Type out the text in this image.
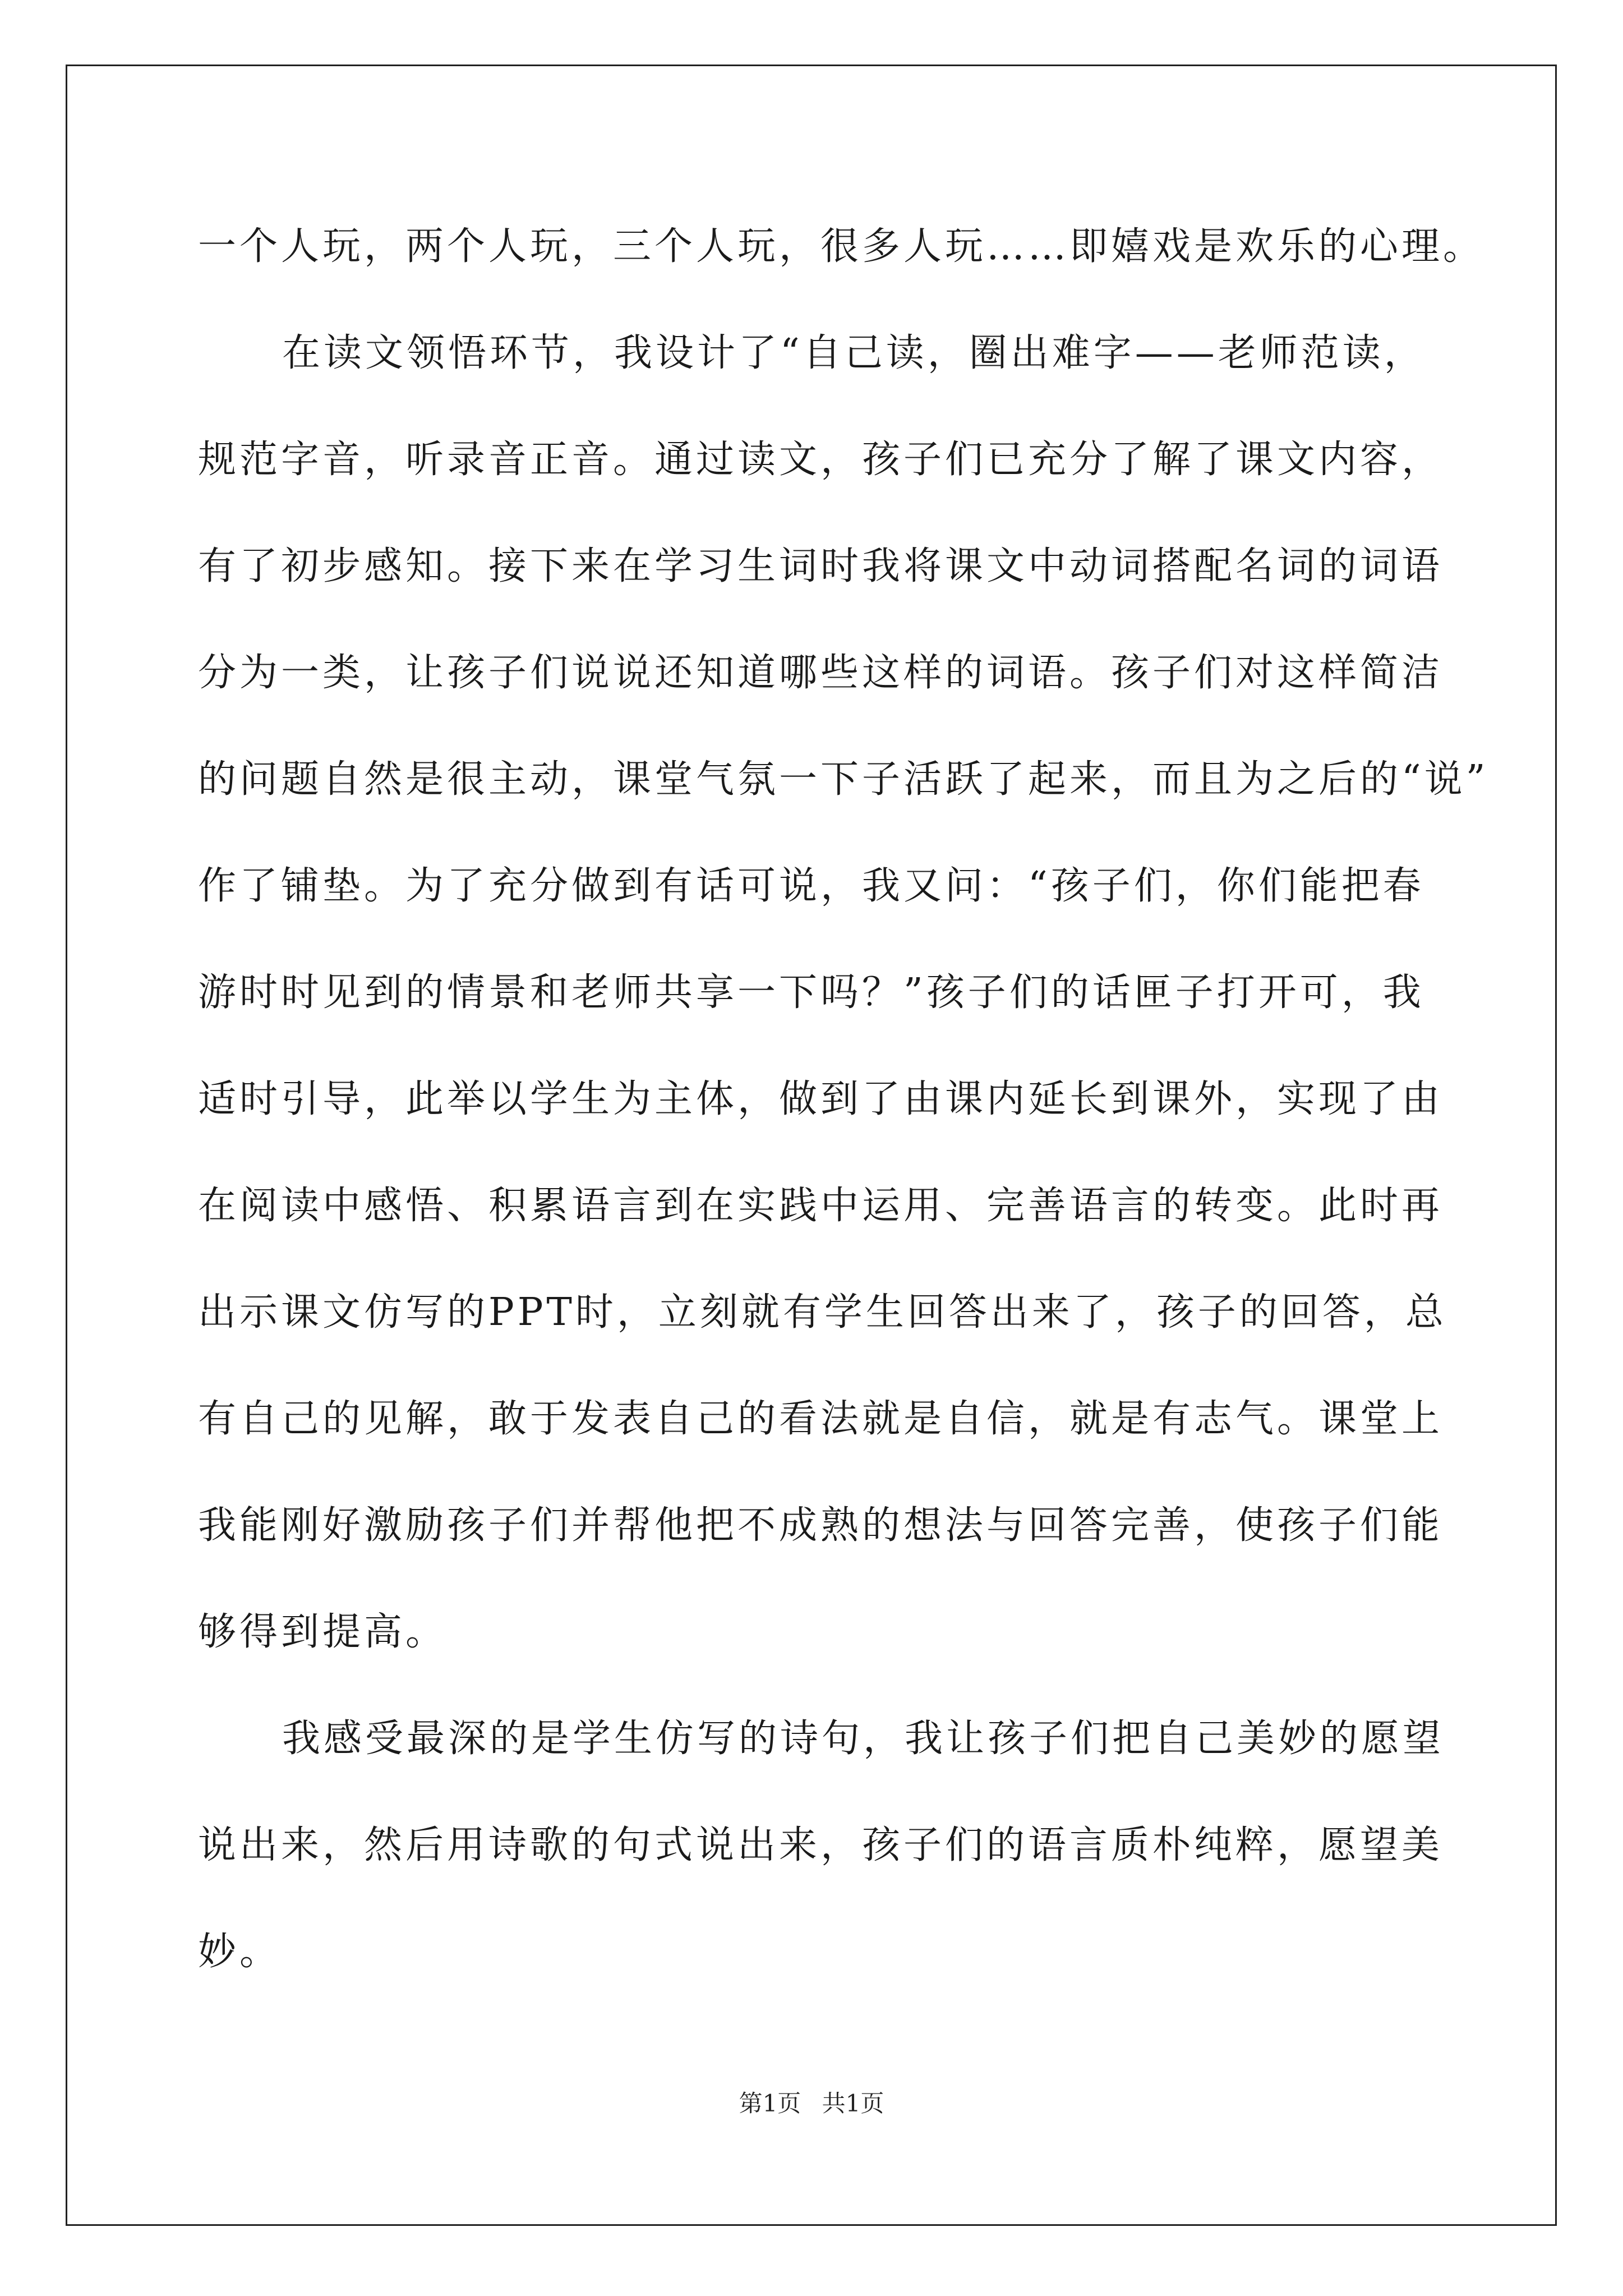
一个人玩，两个人玩，三个人玩，很多人玩……即嬉戏是欢乐的心理。
在读文领悟环节，我设计了“自己读，圈出难字——老师范读，
规范字音，听录音正音。通过读文，孩子们已充分了解了课文内容，
有了初步感知。接下来在学习生词时我将课文中动词搭配名词的词语
分为一类，让孩子们说说还知道哪些这样的词语。孩子们对这样简洁
的问题自然是很主动，课堂气氛一下子活跃了起来，而且为之后的“说”
作了铺垫。为了充分做到有话可说，我又问：“孩子们，你们能把春
游时时见到的情景和老师共享一下吗？”孩子们的话匣子打开可，我
适时引导，此举以学生为主体，做到了由课内延长到课外，实现了由
在阅读中感悟、积累语言到在实践中运用、完善语言的转变。此时再
出示课文仿写的PPT时，立刻就有学生回答出来了，孩子的回答，总
有自己的见解，敢于发表自己的看法就是自信，就是有志气。课堂上
我能刚好激励孩子们并帮他把不成熟的想法与回答完善，使孩子们能
够得到提高。
我感受最深的是学生仿写的诗句，我让孩子们把自己美妙的愿望
说出来，然后用诗歌的句式说出来，孩子们的语言质朴纯粹，愿望美
妙。
第1页 共1页
